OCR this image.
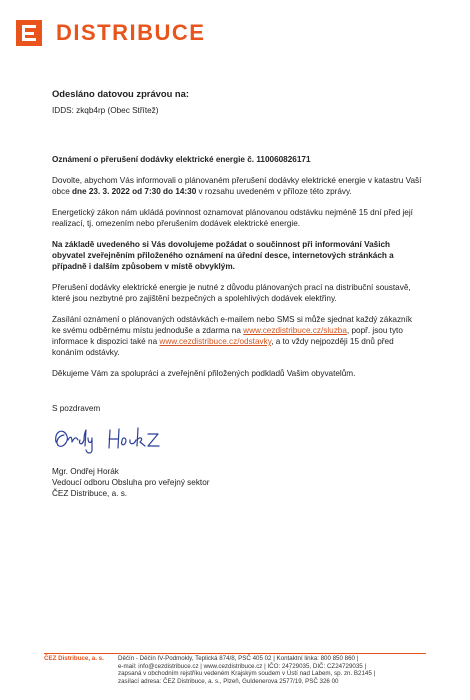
DISTRIBUCE

Odesláno datovou zprávou na:

IDDS: zkqb4rp (Obec Střítež)

Oznámení o přerušení dodávky elektrické energie č. 110060826171

Dovolte, abychom Vás informovali o plánovaném přerušení dodávky elektrické energie v katastru Vaší obce dne 23. 3. 2022 od 7:30 do 14:30 v rozsahu uvedeném v příloze této zprávy.

Energetický zákon nám ukládá povinnost oznamovat plánovanou odstávku nejméně 15 dní před její realizací, tj. omezením nebo přerušením dodávek elektrické energie.

Na základě uvedeného si Vás dovolujeme požádat o součinnost při informování Vašich obyvatel zveřejněním přiloženého oznámení na úřední desce, internetových stránkách a případně i dalším způsobem v místě obvyklým.

Přerušení dodávky elektrické energie je nutné z důvodu plánovaných prací na distribuční soustavě, které jsou nezbytné pro zajištění bezpečných a spolehlivých dodávek elektřiny.

Zasílání oznámení o plánovaných odstávkách e-mailem nebo SMS si může sjednat každý zákazník ke svému odběrnému místu jednoduše a zdarma na www.cezdistribuce.cz/sluzba, popř. jsou tyto informace k dispozici také na www.cezdistribuce.cz/odstavky, a to vždy nejpozději 15 dnů před konáním odstávky.

Děkujeme Vám za spolupráci a zveřejnění přiložených podkladů Vašim obyvatelům.

S pozdravem

Mgr. Ondřej Horák

Vedoucí odboru Obsluha pro veřejný sektor

ČEZ Distribuce, a. s.

ČEZ Distribuce, a. s.	Děčín - Děčín IV-Podmokly, Teplická 874/8, PSČ 405 02 | Kontaktní linka: 800 850 860 |
e-mail: info@cezdistribuce.cz | www.cezdistribuce.cz | IČO: 24729035, DIČ: CZ24729035 |
zapsaná v obchodním rejstříku vedeném Krajským soudem v Ústí nad Labem, sp. zn. B2145 |
zasílací adresa: ČEZ Distribuce, a. s., Plzeň, Guldenerova 2577/19, PSČ 326 00
